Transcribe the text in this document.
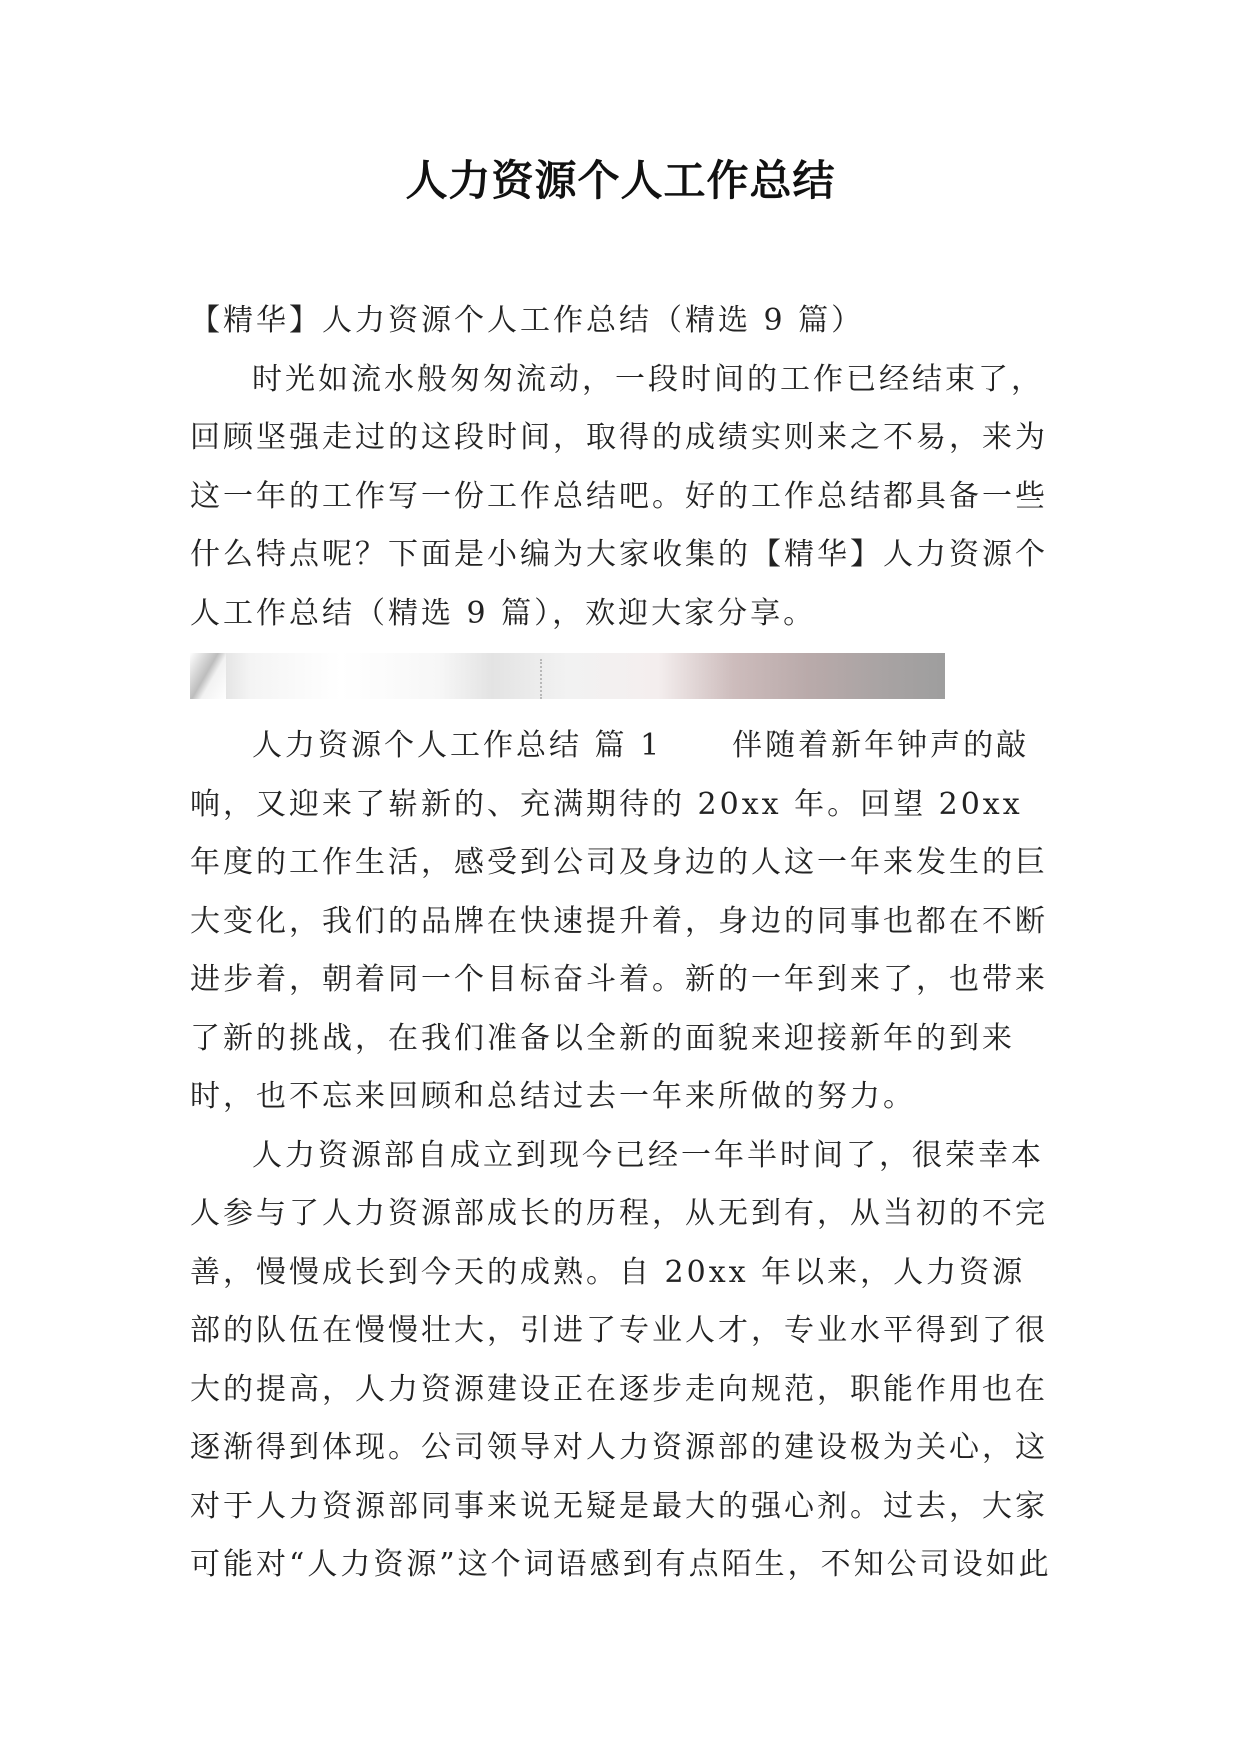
人力资源个人工作总结

【精华】人力资源个人工作总结（精选 9 篇）

时光如流水般匆匆流动，一段时间的工作已经结束了，回顾坚强走过的这段时间，取得的成绩实则来之不易，来为这一年的工作写一份工作总结吧。好的工作总结都具备一些什么特点呢？下面是小编为大家收集的【精华】人力资源个人工作总结（精选 9 篇），欢迎大家分享。

人力资源个人工作总结 篇 1 伴随着新年钟声的敲响，又迎来了崭新的、充满期待的 20xx 年。回望 20xx 年度的工作生活，感受到公司及身边的人这一年来发生的巨大变化，我们的品牌在快速提升着，身边的同事也都在不断进步着，朝着同一个目标奋斗着。新的一年到来了，也带来了新的挑战，在我们准备以全新的面貌来迎接新年的到来时，也不忘来回顾和总结过去一年来所做的努力。

人力资源部自成立到现今已经一年半时间了，很荣幸本人参与了人力资源部成长的历程，从无到有，从当初的不完善，慢慢成长到今天的成熟。自 20xx 年以来，人力资源部的队伍在慢慢壮大，引进了专业人才，专业水平得到了很大的提高，人力资源建设正在逐步走向规范，职能作用也在逐渐得到体现。公司领导对人力资源部的建设极为关心，这对于人力资源部同事来说无疑是最大的强心剂。过去，大家可能对“人力资源”这个词语感到有点陌生，不知公司设如此
